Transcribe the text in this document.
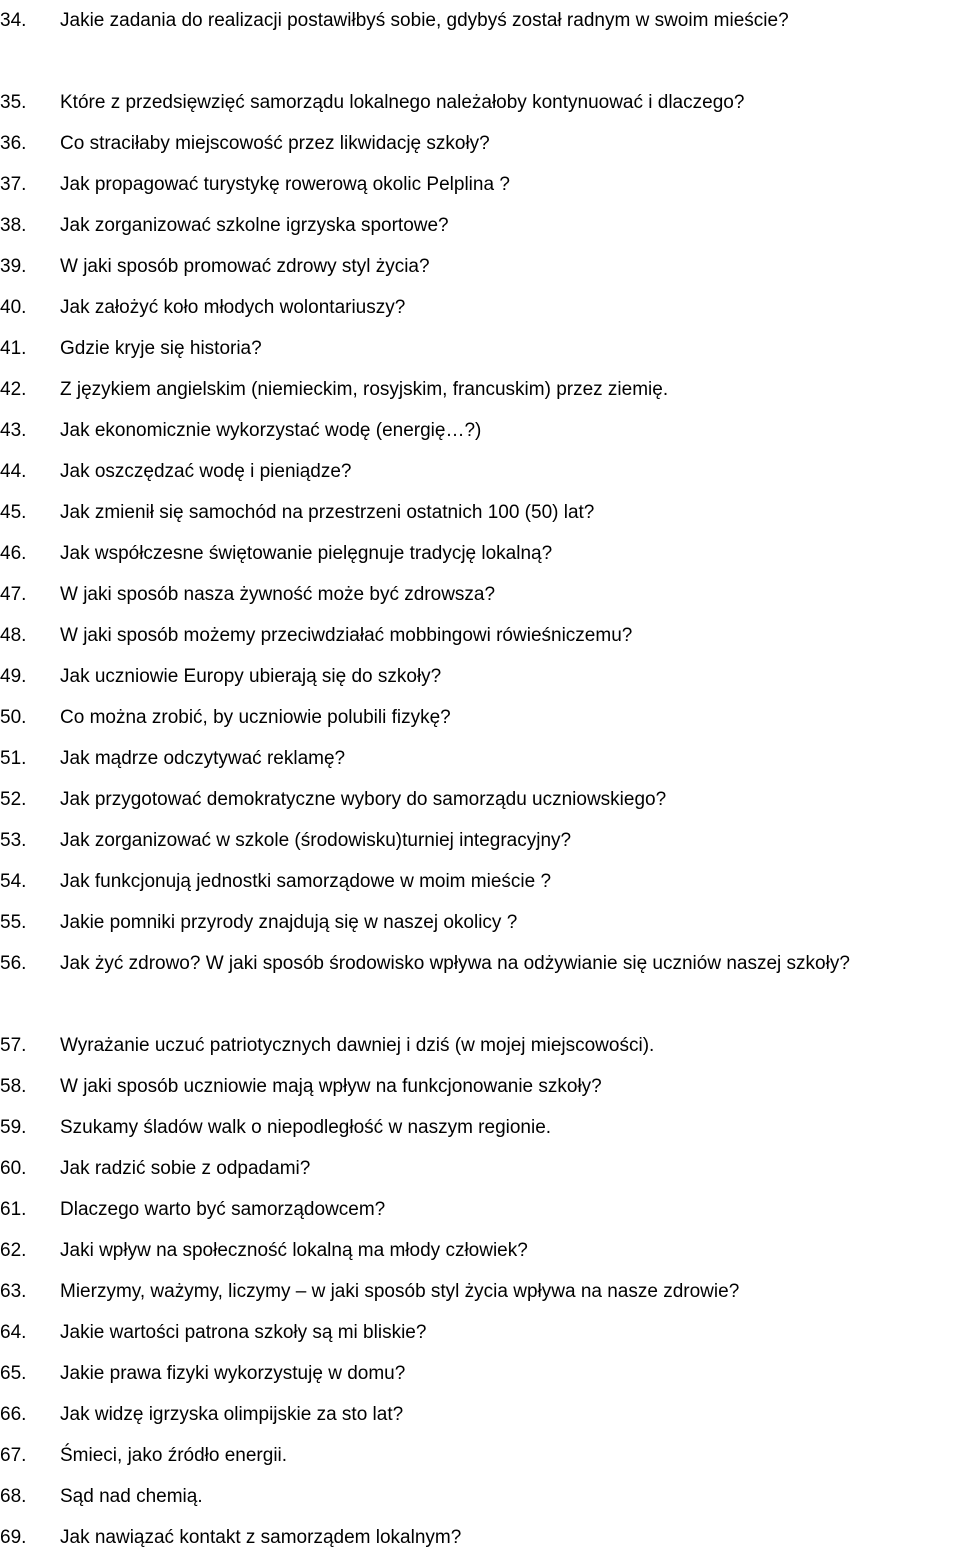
34.	Jakie zadania do realizacji postawiłbyś sobie, gdybyś został radnym w swoim mieście?
35.	Które z przedsięwzięć samorządu lokalnego należałoby kontynuować i dlaczego?
36.	Co straciłaby miejscowość przez likwidację szkoły?
37.	Jak propagować turystykę rowerową okolic Pelplina ?
38.	Jak zorganizować szkolne igrzyska sportowe?
39.	W jaki sposób promować zdrowy styl życia?
40.	Jak założyć koło młodych wolontariuszy?
41.	Gdzie kryje się historia?
42.	Z językiem angielskim (niemieckim, rosyjskim, francuskim) przez ziemię.
43.	Jak ekonomicznie wykorzystać wodę (energię…?)
44.	Jak oszczędzać wodę i pieniądze?
45.	Jak zmienił się samochód na przestrzeni ostatnich 100 (50) lat?
46.	Jak współczesne świętowanie pielęgnuje tradycję lokalną?
47.	W jaki sposób nasza żywność może być zdrowsza?
48.	W jaki sposób możemy przeciwdziałać mobbingowi rówieśniczemu?
49.	Jak uczniowie Europy ubierają się do szkoły?
50.	Co można zrobić, by uczniowie polubili fizykę?
51.	Jak mądrze odczytywać reklamę?
52.	Jak przygotować demokratyczne wybory do samorządu uczniowskiego?
53.	Jak zorganizować w szkole (środowisku)turniej integracyjny?
54.	Jak funkcjonują jednostki samorządowe w moim mieście ?
55.	Jakie pomniki przyrody znajdują się w naszej okolicy ?
56.	Jak żyć zdrowo? W jaki sposób środowisko wpływa na odżywianie się uczniów naszej szkoły?
57.	Wyrażanie uczuć patriotycznych dawniej i dziś (w mojej miejscowości).
58.	W jaki sposób uczniowie mają wpływ na funkcjonowanie szkoły?
59.	Szukamy śladów walk o niepodległość w naszym regionie.
60.	Jak radzić sobie z odpadami?
61.	Dlaczego warto być samorządowcem?
62.	Jaki wpływ na społeczność lokalną ma młody człowiek?
63.	Mierzymy, ważymy, liczymy – w jaki sposób styl życia wpływa na nasze zdrowie?
64.	Jakie wartości patrona szkoły są mi bliskie?
65.	Jakie prawa fizyki wykorzystuję w domu?
66.	Jak widzę igrzyska olimpijskie za sto lat?
67.	Śmieci, jako źródło energii.
68.	Sąd nad chemią.
69.	Jak nawiązać kontakt z samorządem lokalnym?
